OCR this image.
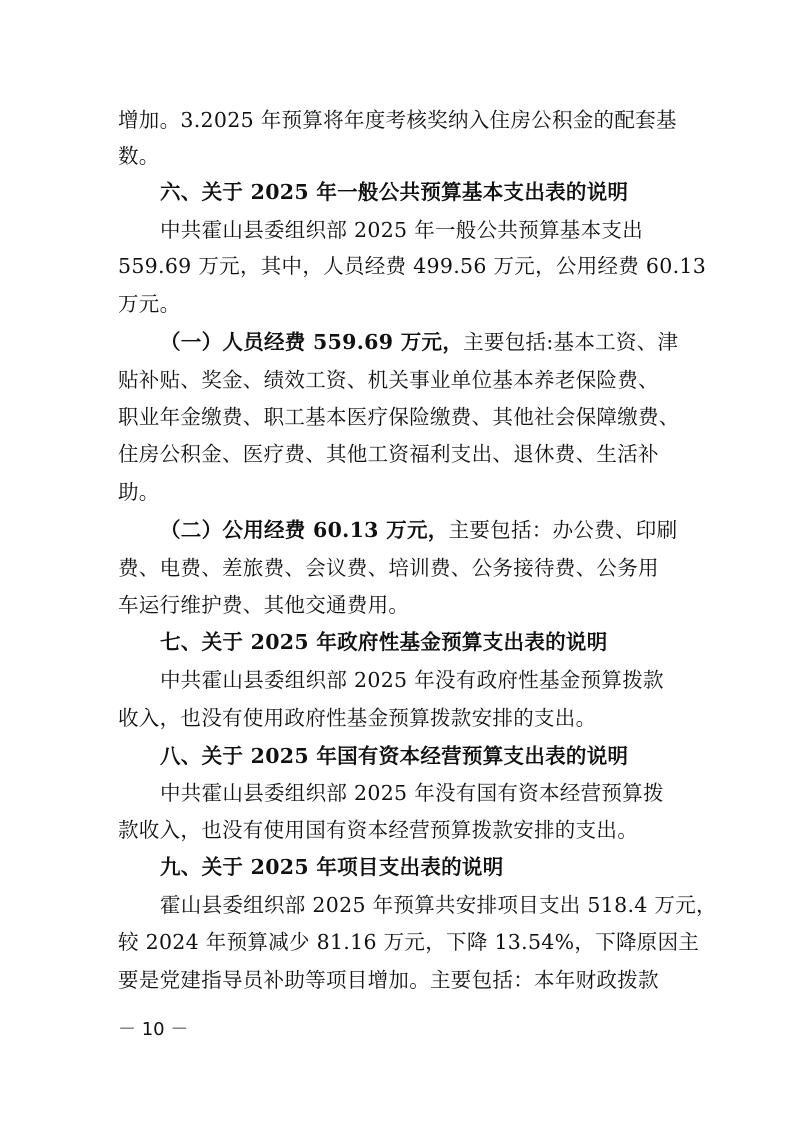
增加。3.2025 年预算将年度考核奖纳入住房公积金的配套基
数。
六、关于 2025 年一般公共预算基本支出表的说明
中共霍山县委组织部 2025 年一般公共预算基本支出
559.69 万元，其中，人员经费 499.56 万元，公用经费 60.13
万元。
（一）人员经费 559.69 万元，主要包括:基本工资、津
贴补贴、奖金、绩效工资、机关事业单位基本养老保险费、
职业年金缴费、职工基本医疗保险缴费、其他社会保障缴费、
住房公积金、医疗费、其他工资福利支出、退休费、生活补
助。
（二）公用经费 60.13 万元，主要包括：办公费、印刷
费、电费、差旅费、会议费、培训费、公务接待费、公务用
车运行维护费、其他交通费用。
七、关于 2025 年政府性基金预算支出表的说明
中共霍山县委组织部 2025 年没有政府性基金预算拨款
收入，也没有使用政府性基金预算拨款安排的支出。
八、关于 2025 年国有资本经营预算支出表的说明
中共霍山县委组织部 2025 年没有国有资本经营预算拨
款收入，也没有使用国有资本经营预算拨款安排的支出。
九、关于 2025 年项目支出表的说明
霍山县委组织部 2025 年预算共安排项目支出 518.4 万元，
较 2024 年预算减少 81.16 万元，下降 13.54%，下降原因主
要是党建指导员补助等项目增加。主要包括：本年财政拨款
－ 10 －
